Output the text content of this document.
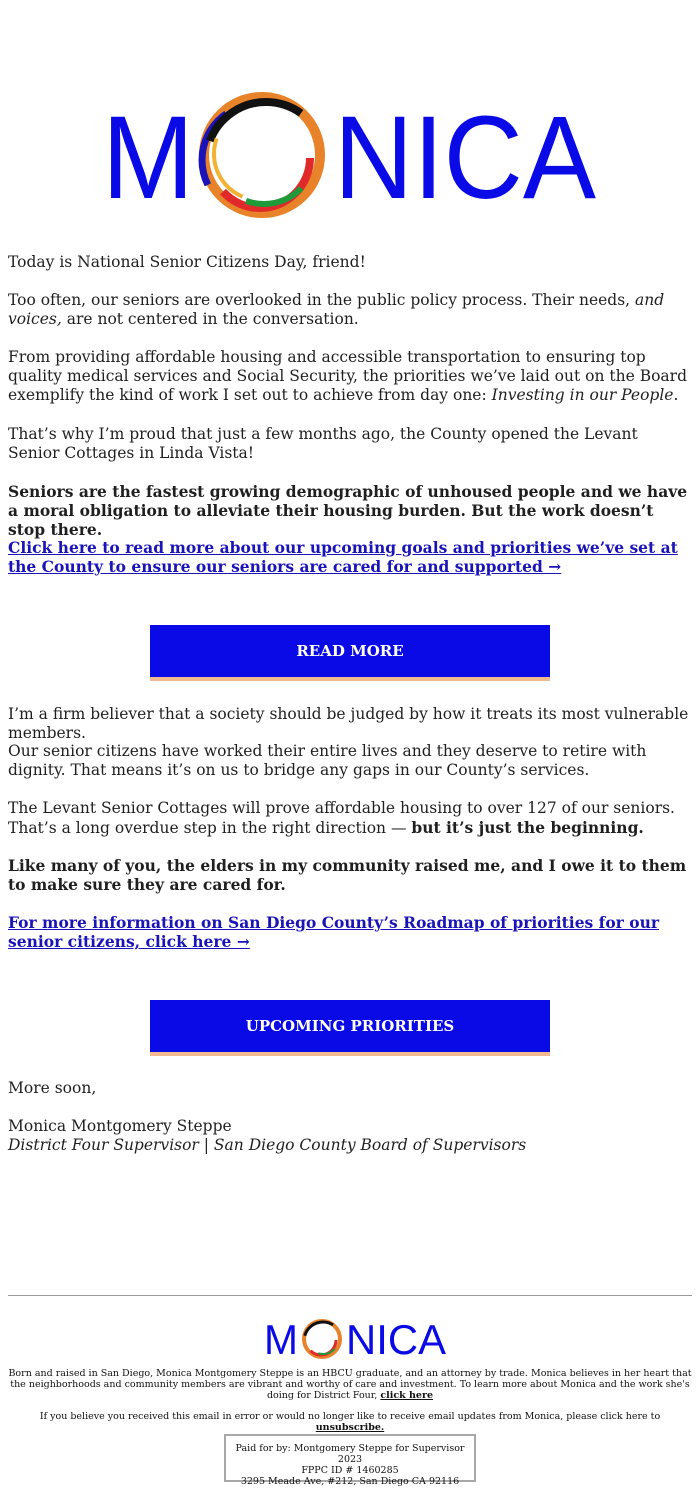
M NICA

Today is National Senior Citizens Day, friend!

Too often, our seniors are overlooked in the public policy process. Their needs, and voices, are not centered in the conversation.

From providing affordable housing and accessible transportation to ensuring top quality medical services and Social Security, the priorities we’ve laid out on the Board exemplify the kind of work I set out to achieve from day one: Investing in our People.

That’s why I’m proud that just a few months ago, the County opened the Levant Senior Cottages in Linda Vista!

Seniors are the fastest growing demographic of unhoused people and we have a moral obligation to alleviate their housing burden. But the work doesn’t stop there.

Click here to read more about our upcoming goals and priorities we’ve set at the County to ensure our seniors are cared for and supported →

I’m a firm believer that a society should be judged by how it treats its most vulnerable members.

Our senior citizens have worked their entire lives and they deserve to retire with dignity. That means it’s on us to bridge any gaps in our County’s services.

The Levant Senior Cottages will prove affordable housing to over 127 of our seniors. That’s a long overdue step in the right direction — but it’s just the beginning.

Like many of you, the elders in my community raised me, and I owe it to them to make sure they are cared for.

For more information on San Diego County’s Roadmap of priorities for our senior citizens, click here →

More soon,

Monica Montgomery Steppe
District Four Supervisor | San Diego County Board of Supervisors

READ MORE
UPCOMING PRIORITIES
M NICA
Born and raised in San Diego, Monica Montgomery Steppe is an HBCU graduate, and an attorney by trade. Monica believes in her heart that the neighborhoods and community members are vibrant and worthy of care and investment. To learn more about Monica and the work she's doing for District Four, click here
If you believe you received this email in error or would no longer like to receive email updates from Monica, please click here to unsubscribe.
Paid for by: Montgomery Steppe for Supervisor 2023
FPPC ID # 1460285
3295 Meade Ave, #212, San Diego CA 92116
